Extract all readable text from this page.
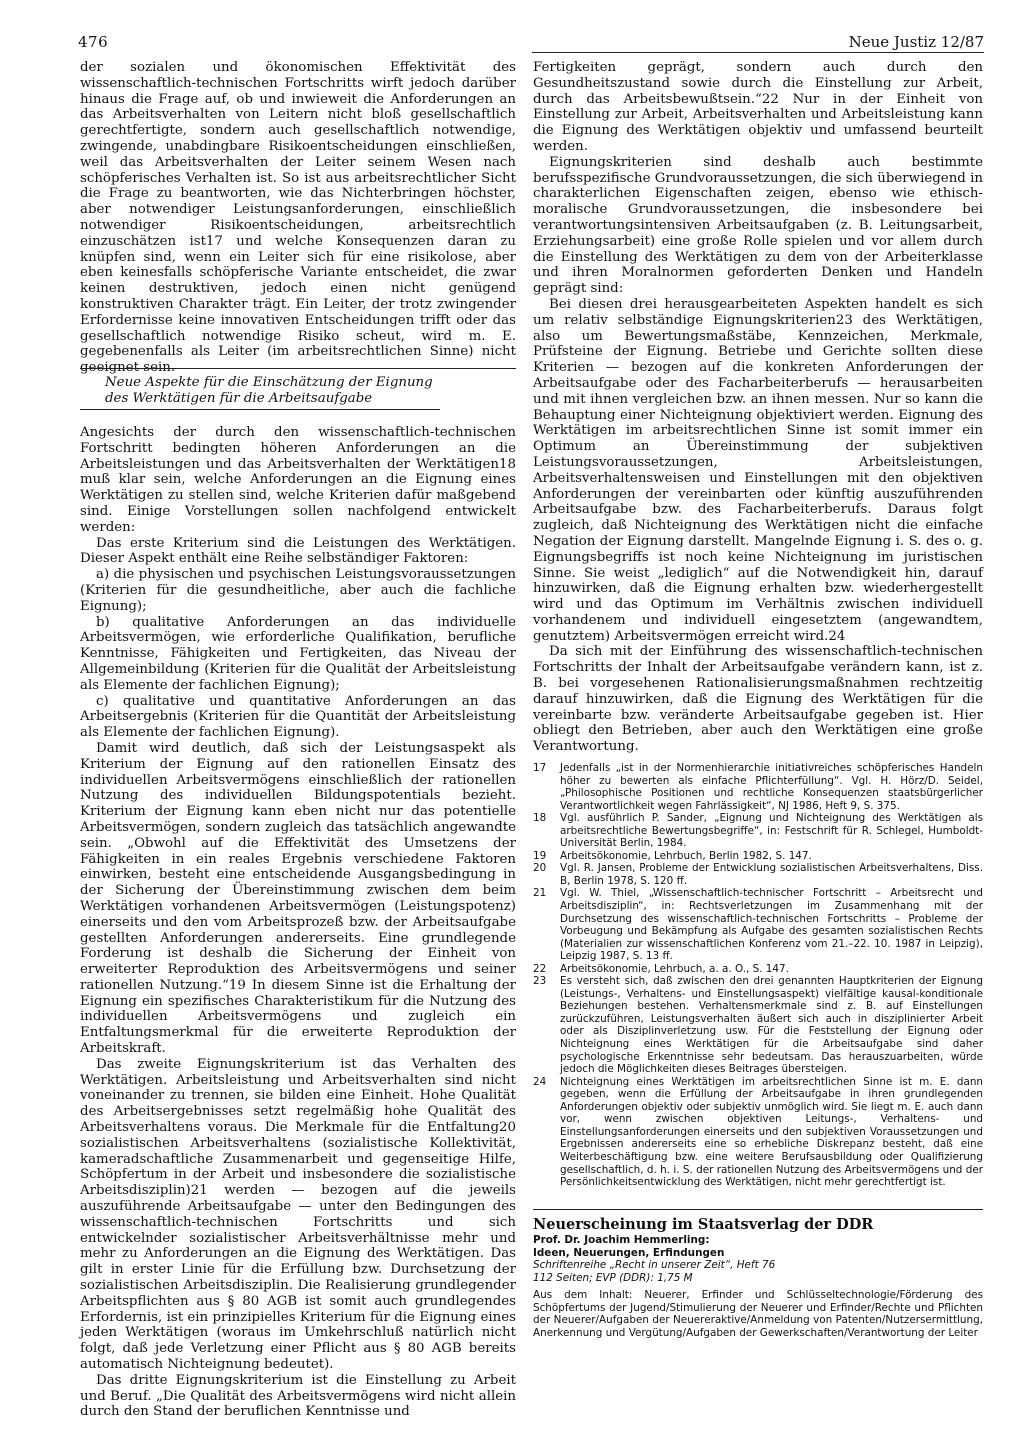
476	Neue Justiz 12/87

der sozialen und ökonomischen Effektivität des wissenschaftlich-technischen Fortschritts wirft jedoch darüber hinaus die Frage auf, ob und inwieweit die Anforderungen an das Arbeitsverhalten von Leitern nicht bloß gesellschaftlich gerechtfertigte, sondern auch gesellschaftlich notwendige, zwingende, unabdingbare Risikoentscheidungen einschließen, weil das Arbeitsverhalten der Leiter seinem Wesen nach schöpferisches Verhalten ist. So ist aus arbeitsrechtlicher Sicht die Frage zu beantworten, wie das Nichterbringen höchster, aber notwendiger Leistungsanforderungen, einschließlich notwendiger Risikoentscheidungen, arbeitsrechtlich einzuschätzen ist17 und welche Konsequenzen daran zu knüpfen sind, wenn ein Leiter sich für eine risikolose, aber eben keinesfalls schöpferische Variante entscheidet, die zwar keinen destruktiven, jedoch einen nicht genügend konstruktiven Charakter trägt. Ein Leiter, der trotz zwingender Erfordernisse keine innovativen Entscheidungen trifft oder das gesellschaftlich notwendige Risiko scheut, wird m. E. gegebenenfalls als Leiter (im arbeitsrechtlichen Sinne) nicht geeignet sein.

Neue Aspekte für die Einschätzung der Eignung
des Werktätigen für die Arbeitsaufgabe

Angesichts der durch den wissenschaftlich-technischen Fortschritt bedingten höheren Anforderungen an die Arbeitsleistungen und das Arbeitsverhalten der Werktätigen18 muß klar sein, welche Anforderungen an die Eignung eines Werktätigen zu stellen sind, welche Kriterien dafür maßgebend sind. Einige Vorstellungen sollen nachfolgend entwickelt werden:

Das erste Kriterium sind die Leistungen des Werktätigen. Dieser Aspekt enthält eine Reihe selbständiger Faktoren:

a) die physischen und psychischen Leistungsvoraussetzungen (Kriterien für die gesundheitliche, aber auch die fachliche Eignung);

b) qualitative Anforderungen an das individuelle Arbeitsvermögen, wie erforderliche Qualifikation, berufliche Kenntnisse, Fähigkeiten und Fertigkeiten, das Niveau der Allgemeinbildung (Kriterien für die Qualität der Arbeitsleistung als Elemente der fachlichen Eignung);

c) qualitative und quantitative Anforderungen an das Arbeitsergebnis (Kriterien für die Quantität der Arbeitsleistung als Elemente der fachlichen Eignung).

Damit wird deutlich, daß sich der Leistungsaspekt als Kriterium der Eignung auf den rationellen Einsatz des individuellen Arbeitsvermögens einschließlich der rationellen Nutzung des individuellen Bildungspotentials bezieht. Kriterium der Eignung kann eben nicht nur das potentielle Arbeitsvermögen, sondern zugleich das tatsächlich angewandte sein. „Obwohl auf die Effektivität des Umsetzens der Fähigkeiten in ein reales Ergebnis verschiedene Faktoren einwirken, besteht eine entscheidende Ausgangsbedingung in der Sicherung der Übereinstimmung zwischen dem beim Werktätigen vorhandenen Arbeitsvermögen (Leistungspotenz) einerseits und den vom Arbeitsprozeß bzw. der Arbeitsaufgabe gestellten Anforderungen andererseits. Eine grundlegende Forderung ist deshalb die Sicherung der Einheit von erweiterter Reproduktion des Arbeitsvermögens und seiner rationellen Nutzung.“19 In diesem Sinne ist die Erhaltung der Eignung ein spezifisches Charakteristikum für die Nutzung des individuellen Arbeitsvermögens und zugleich ein Entfaltungsmerkmal für die erweiterte Reproduktion der Arbeitskraft.

Das zweite Eignungskriterium ist das Verhalten des Werktätigen. Arbeitsleistung und Arbeitsverhalten sind nicht voneinander zu trennen, sie bilden eine Einheit. Hohe Qualität des Arbeitsergebnisses setzt regelmäßig hohe Qualität des Arbeitsverhaltens voraus. Die Merkmale für die Entfaltung20 sozialistischen Arbeitsverhaltens (sozialistische Kollektivität, kameradschaftliche Zusammenarbeit und gegenseitige Hilfe, Schöpfertum in der Arbeit und insbesondere die sozialistische Arbeitsdisziplin)21 werden — bezogen auf die jeweils auszuführende Arbeitsaufgabe — unter den Bedingungen des wissenschaftlich-technischen Fortschritts und sich entwickelnder sozialistischer Arbeitsverhältnisse mehr und mehr zu Anforderungen an die Eignung des Werktätigen. Das gilt in erster Linie für die Erfüllung bzw. Durchsetzung der sozialistischen Arbeitsdisziplin. Die Realisierung grundlegender Arbeitspflichten aus § 80 AGB ist somit auch grundlegendes Erfordernis, ist ein prinzipielles Kriterium für die Eignung eines jeden Werktätigen (woraus im Umkehrschluß natürlich nicht folgt, daß jede Verletzung einer Pflicht aus § 80 AGB bereits automatisch Nichteignung bedeutet).

Das dritte Eignungskriterium ist die Einstellung zu Arbeit und Beruf. „Die Qualität des Arbeitsvermögens wird nicht allein durch den Stand der beruflichen Kenntnisse und

Fertigkeiten geprägt, sondern auch durch den Gesundheitszustand sowie durch die Einstellung zur Arbeit, durch das Arbeitsbewußtsein.“22 Nur in der Einheit von Einstellung zur Arbeit, Arbeitsverhalten und Arbeitsleistung kann die Eignung des Werktätigen objektiv und umfassend beurteilt werden.

Eignungskriterien sind deshalb auch bestimmte berufsspezifische Grundvoraussetzungen, die sich überwiegend in charakterlichen Eigenschaften zeigen, ebenso wie ethisch-moralische Grundvoraussetzungen, die insbesondere bei verantwortungsintensiven Arbeitsaufgaben (z. B. Leitungsarbeit, Erziehungsarbeit) eine große Rolle spielen und vor allem durch die Einstellung des Werktätigen zu dem von der Arbeiterklasse und ihren Moralnormen geforderten Denken und Handeln geprägt sind:

Bei diesen drei herausgearbeiteten Aspekten handelt es sich um relativ selbständige Eignungskriterien23 des Werktätigen, also um Bewertungsmaßstäbe, Kennzeichen, Merkmale, Prüfsteine der Eignung. Betriebe und Gerichte sollten diese Kriterien — bezogen auf die konkreten Anforderungen der Arbeitsaufgabe oder des Facharbeiterberufs — herausarbeiten und mit ihnen vergleichen bzw. an ihnen messen. Nur so kann die Behauptung einer Nichteignung objektiviert werden. Eignung des Werktätigen im arbeitsrechtlichen Sinne ist somit immer ein Optimum an Übereinstimmung der subjektiven Leistungsvoraussetzungen, Arbeitsleistungen, Arbeitsverhaltensweisen und Einstellungen mit den objektiven Anforderungen der vereinbarten oder künftig auszuführenden Arbeitsaufgabe bzw. des Facharbeiterberufs. Daraus folgt zugleich, daß Nichteignung des Werktätigen nicht die einfache Negation der Eignung darstellt. Mangelnde Eignung i. S. des o. g. Eignungsbegriffs ist noch keine Nichteignung im juristischen Sinne. Sie weist „lediglich“ auf die Notwendigkeit hin, darauf hinzuwirken, daß die Eignung erhalten bzw. wiederhergestellt wird und das Optimum im Verhältnis zwischen individuell vorhandenem und individuell eingesetztem (angewandtem, genutztem) Arbeitsvermögen erreicht wird.24

Da sich mit der Einführung des wissenschaftlich-technischen Fortschritts der Inhalt der Arbeitsaufgabe verändern kann, ist z. B. bei vorgesehenen Rationalisierungsmaßnahmen rechtzeitig darauf hinzuwirken, daß die Eignung des Werktätigen für die vereinbarte bzw. veränderte Arbeitsaufgabe gegeben ist. Hier obliegt den Betrieben, aber auch den Werktätigen eine große Verantwortung.

17	Jedenfalls „ist in der Normenhierarchie initiativreiches schöpferisches Handeln höher zu bewerten als einfache Pflichterfüllung“. Vgl. H. Hörz/D. Seidel, „Philosophische Positionen und rechtliche Konsequenzen staatsbürgerlicher Verantwortlichkeit wegen Fahrlässigkeit“, NJ 1986, Heft 9, S. 375.
18	Vgl. ausführlich P. Sander, „Eignung und Nichteignung des Werktätigen als arbeitsrechtliche Bewertungsbegriffe“, in: Festschrift für R. Schlegel, Humboldt-Universität Berlin, 1984.
19	Arbeitsökonomie, Lehrbuch, Berlin 1982, S. 147.
20	Vgl. R. Jansen, Probleme der Entwicklung sozialistischen Arbeitsverhaltens, Diss. B, Berlin 1978, S. 120 ff.
21	Vgl. W. Thiel, „Wissenschaftlich-technischer Fortschritt – Arbeitsrecht und Arbeitsdisziplin“, in: Rechtsverletzungen im Zusammenhang mit der Durchsetzung des wissenschaftlich-technischen Fortschritts – Probleme der Vorbeugung und Bekämpfung als Aufgabe des gesamten sozialistischen Rechts (Materialien zur wissenschaftlichen Konferenz vom 21.–22. 10. 1987 in Leipzig), Leipzig 1987, S. 13 ff.
22	Arbeitsökonomie, Lehrbuch, a. a. O., S. 147.
23	Es versteht sich, daß zwischen den drei genannten Hauptkriterien der Eignung (Leistungs-, Verhaltens- und Einstellungsaspekt) vielfältige kausal-konditionale Beziehungen bestehen. Verhaltensmerkmale sind z. B. auf Einstellungen zurückzuführen, Leistungsverhalten äußert sich auch in disziplinierter Arbeit oder als Disziplinverletzung usw. Für die Feststellung der Eignung oder Nichteignung eines Werktätigen für die Arbeitsaufgabe sind daher psychologische Erkenntnisse sehr bedeutsam. Das herauszuarbeiten, würde jedoch die Möglichkeiten dieses Beitrages übersteigen.
24	Nichteignung eines Werktätigen im arbeitsrechtlichen Sinne ist m. E. dann gegeben, wenn die Erfüllung der Arbeitsaufgabe in ihren grundlegenden Anforderungen objektiv oder subjektiv unmöglich wird. Sie liegt m. E. auch dann vor, wenn zwischen objektiven Leitungs-, Verhaltens- und Einstellungsanforderungen einerseits und den subjektiven Voraussetzungen und Ergebnissen andererseits eine so erhebliche Diskrepanz besteht, daß eine Weiterbeschäftigung bzw. eine weitere Berufsausbildung oder Qualifizierung gesellschaftlich, d. h. i. S. der rationellen Nutzung des Arbeitsvermögens und der Persönlichkeitsentwicklung des Werktätigen, nicht mehr gerechtfertigt ist.
Neuerscheinung im Staatsverlag der DDR
Prof. Dr. Joachim Hemmerling:
Ideen, Neuerungen, Erfindungen
Schriftenreihe „Recht in unserer Zeit“, Heft 76
112 Seiten; EVP (DDR): 1,75 M
Aus dem Inhalt: Neuerer, Erfinder und Schlüsseltechnologie/Förderung des Schöpfertums der Jugend/Stimulierung der Neuerer und Erfinder/Rechte und Pflichten der Neuerer/Aufgaben der Neuereraktive/Anmeldung von Patenten/Nutzersermittlung, Anerkennung und Vergütung/Aufgaben der Gewerkschaften/Verantwortung der Leiter
